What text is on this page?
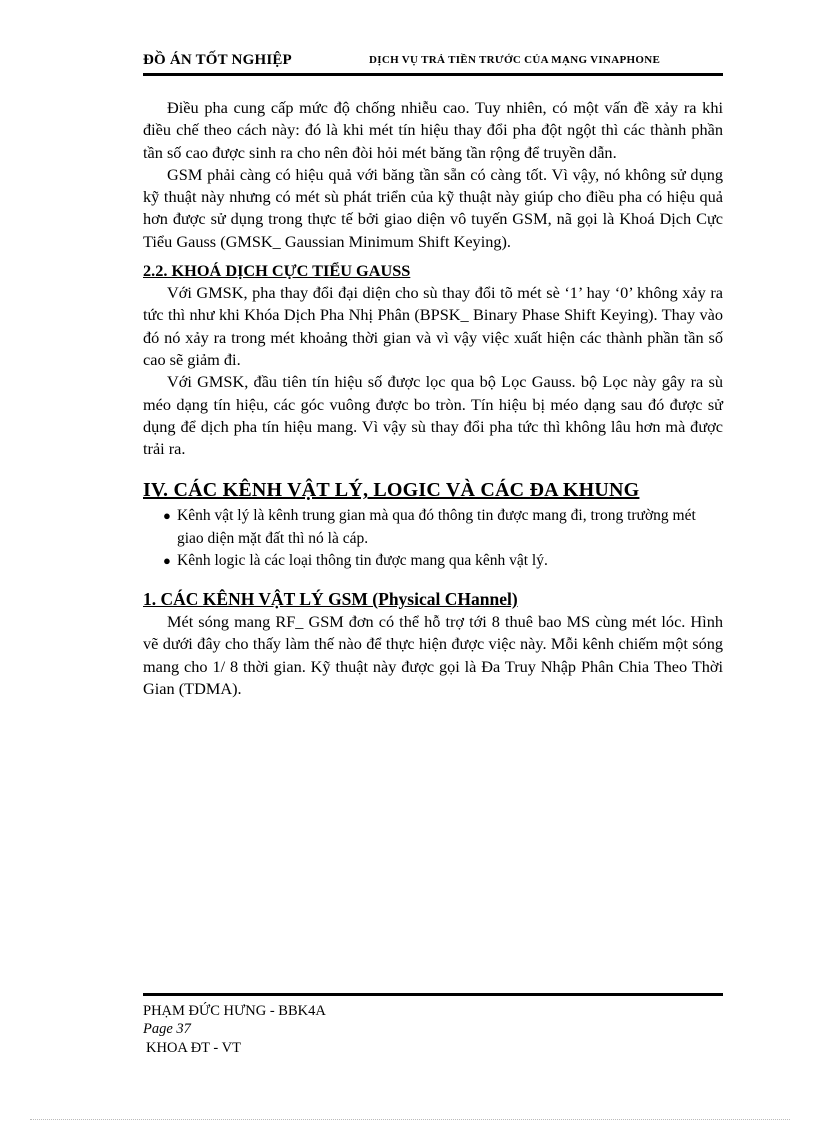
ĐỒ ÁN TỐT NGHIỆP	DỊCH VỤ TRẢ TIỀN TRƯỚC CỦA MẠNG VINAPHONE

Điều pha cung cấp mức độ chống nhiễu cao. Tuy nhiên, có một vấn đề xảy ra khi điều chế theo cách này: đó là khi mét tín hiệu thay đổi pha đột ngột thì các thành phần tần số cao được sinh ra cho nên đòi hỏi mét băng tần rộng để truyền dẫn.

GSM phải càng có hiệu quả với băng tần sẵn có càng tốt. Vì vậy, nó không sử dụng kỹ thuật này nhưng có mét sù phát triển của kỹ thuật này giúp cho điều pha có hiệu quả hơn được sử dụng trong thực tế bởi giao diện vô tuyến GSM, nã gọi là Khoá Dịch Cực Tiểu Gauss (GMSK_ Gaussian Minimum Shift Keying).

2.2. KHOÁ DỊCH CỰC TIỂU GAUSS

Với GMSK, pha thay đổi đại diện cho sù thay đổi tõ mét sè ‘1’ hay ‘0’ không xảy ra tức thì như khi Khóa Dịch Pha Nhị Phân (BPSK_ Binary Phase Shift Keying). Thay vào đó nó xảy ra trong mét khoảng thời gian và vì vậy việc xuất hiện các thành phần tần số cao sẽ giảm đi.

Với GMSK, đầu tiên tín hiệu số được lọc qua bộ Lọc Gauss. bộ Lọc này gây ra sù méo dạng tín hiệu, các góc vuông được bo tròn. Tín hiệu bị méo dạng sau đó được sử dụng để dịch pha tín hiệu mang. Vì vậy sù thay đổi pha tức thì không lâu hơn mà được trải ra.

IV. CÁC KÊNH VẬT LÝ, LOGIC VÀ CÁC ĐA KHUNG
● Kênh vật lý là kênh trung gian mà qua đó thông tin được mang đi, trong trường mét giao diện mặt đất thì nó là cáp.
● Kênh logic là các loại thông tin được mang qua kênh vật lý.
1. CÁC KÊNH VẬT LÝ GSM (Physical CHannel)

Mét sóng mang RF_ GSM đơn có thể hỗ trợ tới 8 thuê bao MS cùng mét lóc. Hình vẽ dưới đây cho thấy làm thế nào để thực hiện được việc này. Mỗi kênh chiếm một sóng mang cho 1/ 8 thời gian. Kỹ thuật này được gọi là Đa Truy Nhập Phân Chia Theo Thời Gian (TDMA).

PHẠM ĐỨC HƯNG - BBK4A
Page 37
KHOA ĐT - VT
